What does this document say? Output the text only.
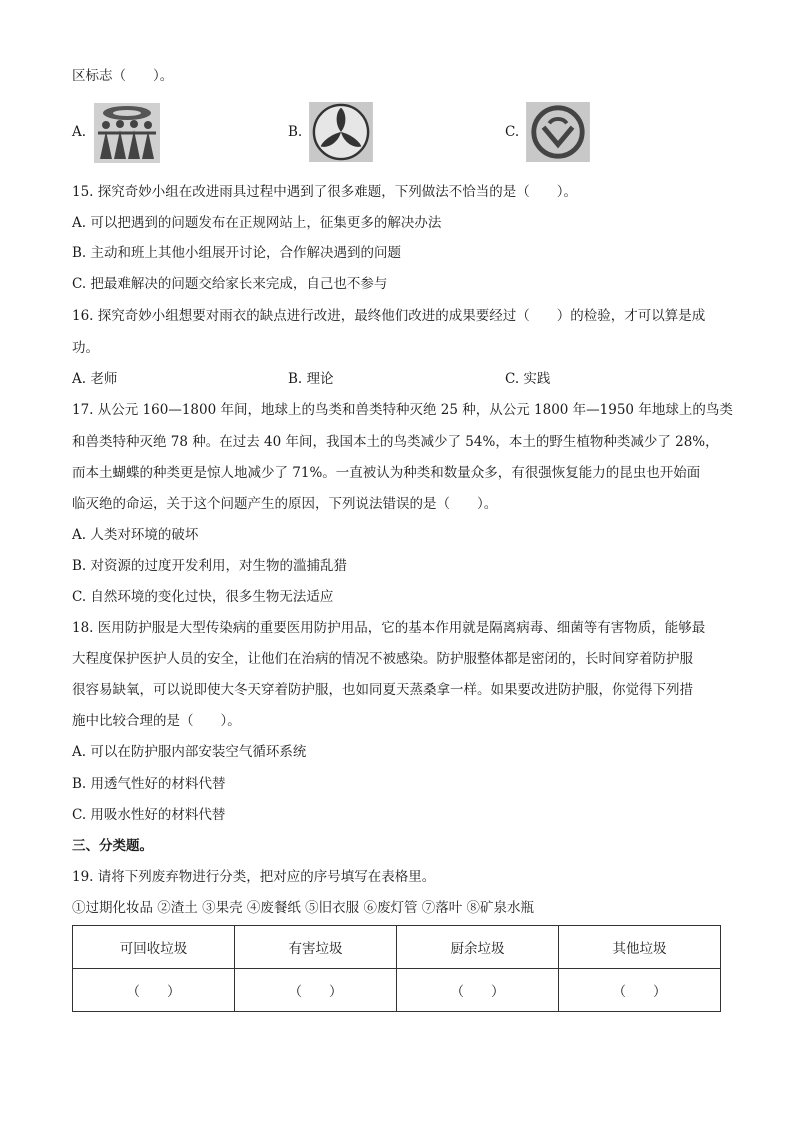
区标志（　　）。
A.	B.	C.
15. 探究奇妙小组在改进雨具过程中遇到了很多难题，下列做法不恰当的是（　　）。
A. 可以把遇到的问题发布在正规网站上，征集更多的解决办法
B. 主动和班上其他小组展开讨论，合作解决遇到的问题
C. 把最难解决的问题交给家长来完成，自己也不参与
16. 探究奇妙小组想要对雨衣的缺点进行改进，最终他们改进的成果要经过（　　）的检验，才可以算是成
功。
A. 老师	B. 理论	C. 实践
17. 从公元 160—1800 年间，地球上的鸟类和兽类特种灭绝 25 种，从公元 1800 年—1950 年地球上的鸟类
和兽类特种灭绝 78 种。在过去 40 年间，我国本土的鸟类减少了 54%，本土的野生植物种类减少了 28%，
而本土蝴蝶的种类更是惊人地减少了 71%。一直被认为种类和数量众多，有很强恢复能力的昆虫也开始面
临灭绝的命运，关于这个问题产生的原因，下列说法错误的是（　　）。
A. 人类对环境的破坏
B. 对资源的过度开发利用，对生物的滥捕乱猎
C. 自然环境的变化过快，很多生物无法适应
18. 医用防护服是大型传染病的重要医用防护用品，它的基本作用就是隔离病毒、细菌等有害物质，能够最
大程度保护医护人员的安全，让他们在治病的情况不被感染。防护服整体都是密闭的，长时间穿着防护服
很容易缺氧，可以说即使大冬天穿着防护服，也如同夏天蒸桑拿一样。如果要改进防护服，你觉得下列措
施中比较合理的是（　　）。
A. 可以在防护服内部安装空气循环系统
B. 用透气性好的材料代替
C. 用吸水性好的材料代替
三、分类题。
19. 请将下列废弃物进行分类，把对应的序号填写在表格里。
①过期化妆品 ②渣土 ③果壳 ④废餐纸 ⑤旧衣服 ⑥废灯管 ⑦落叶 ⑧矿泉水瓶
可回收垃圾	有害垃圾	厨余垃圾	其他垃圾
（　　）	（　　）	（　　）	（　　）
